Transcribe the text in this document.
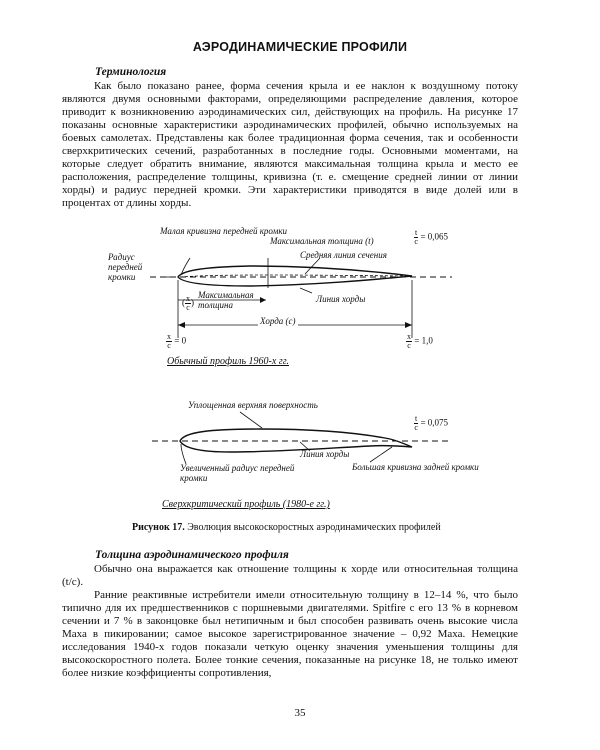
АЭРОДИНАМИЧЕСКИЕ ПРОФИЛИ
Терминология

Как было показано ранее, форма сечения крыла и ее наклон к воздушному потоку являются двумя основными факторами, определяющими распределение давления, которое приводит к возникновению аэродинамических сил, действующих на профиль. На рисунке 17 показаны основные характеристики аэродинамических профилей, обычно используемых на боевых самолетах. Представлены как более традиционная форма сечения, так и особенности сверхкритических сечений, разработанных в последние годы. Основными моментами, на которые следует обратить внимание, являются максимальная толщина крыла и место ее расположения, распределение толщины, кривизна (т. е. смещение средней линии от линии хорды) и радиус передней кромки. Эти характеристики приводятся в виде долей или в процентах от длины хорды.

Малая кривизна передней кромки
Максимальная толщина (t)	$\frac{t}{c} = 0,065$
Средняя линия сечения
Радиус передней кромки
( $\frac{x}{c}$ )
Максимальная толщина
Линия хорды
Хорда (c)
$\frac{x}{c} = 0$	$\frac{x}{c} = 1,0$
Обычный профиль 1960-х гг.
Уплощенная верхняя поверхность
$\frac{t}{c} = 0,075$
Линия хорды
Увеличенный радиус передней кромки
Большая кривизна задней кромки
Сверхкритический профиль (1980-е гг.)
Рисунок 17. Эволюция высокоскоростных аэродинамических профилей
Толщина аэродинамического профиля

Обычно она выражается как отношение толщины к хорде или относительная толщина (t/c).

Ранние реактивные истребители имели относительную толщину в 12–14 %, что было типично для их предшественников с поршневыми двигателями. Spitfire с его 13 % в корневом сечении и 7 % в законцовке был нетипичным и был способен развивать очень высокие числа Маха в пикировании; самое высокое зарегистрированное значение – 0,92 Маха. Немецкие исследования 1940-х годов показали четкую оценку значения уменьшения толщины для высокоскоростного полета. Более тонкие сечения, показанные на рисунке 18, не только имеют более низкие коэффициенты сопротивления,

35
